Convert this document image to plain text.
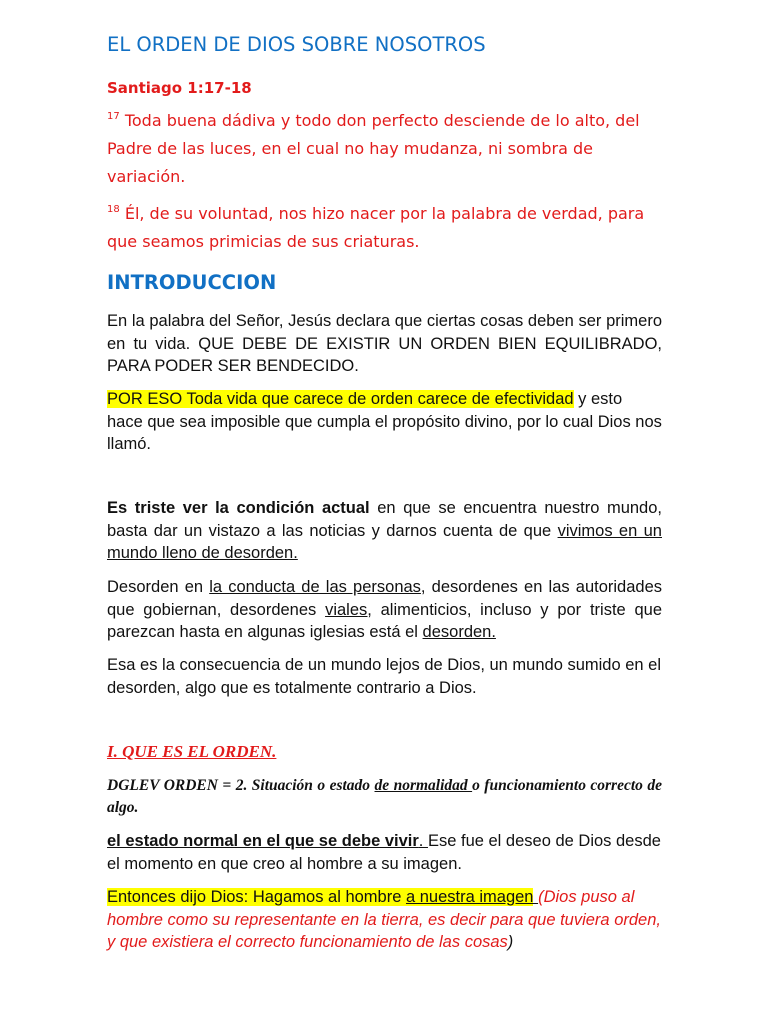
EL ORDEN DE DIOS SOBRE NOSOTROS
Santiago 1:17-18

$^{17}$ Toda buena dádiva y todo don perfecto desciende de lo alto, del Padre de las luces, en el cual no hay mudanza, ni sombra de variación.

$^{18}$ Él, de su voluntad, nos hizo nacer por la palabra de verdad, para que seamos primicias de sus criaturas.

INTRODUCCION

En la palabra del Señor, Jesús declara que ciertas cosas deben ser primero en tu vida. QUE DEBE DE EXISTIR UN ORDEN BIEN EQUILIBRADO, PARA PODER SER BENDECIDO.

POR ESO Toda vida que carece de orden carece de efectividad y esto hace que sea imposible que cumpla el propósito divino, por lo cual Dios nos llamó.

Es triste ver la condición actual en que se encuentra nuestro mundo, basta dar un vistazo a las noticias y darnos cuenta de que vivimos en un mundo lleno de desorden.

Desorden en la conducta de las personas, desordenes en las autoridades que gobiernan, desordenes viales, alimenticios, incluso y por triste que parezcan hasta en algunas iglesias está el desorden.

Esa es la consecuencia de un mundo lejos de Dios, un mundo sumido en el desorden, algo que es totalmente contrario a Dios.

I. QUE ES EL ORDEN.

DGLEV ORDEN = 2. Situación o estado de normalidad o funcionamiento correcto de algo.

el estado normal en el que se debe vivir. Ese fue el deseo de Dios desde el momento en que creo al hombre a su imagen.

Entonces dijo Dios: Hagamos al hombre a nuestra imagen (Dios puso al hombre como su representante en la tierra, es decir para que tuviera orden, y que existiera el correcto funcionamiento de las cosas)
